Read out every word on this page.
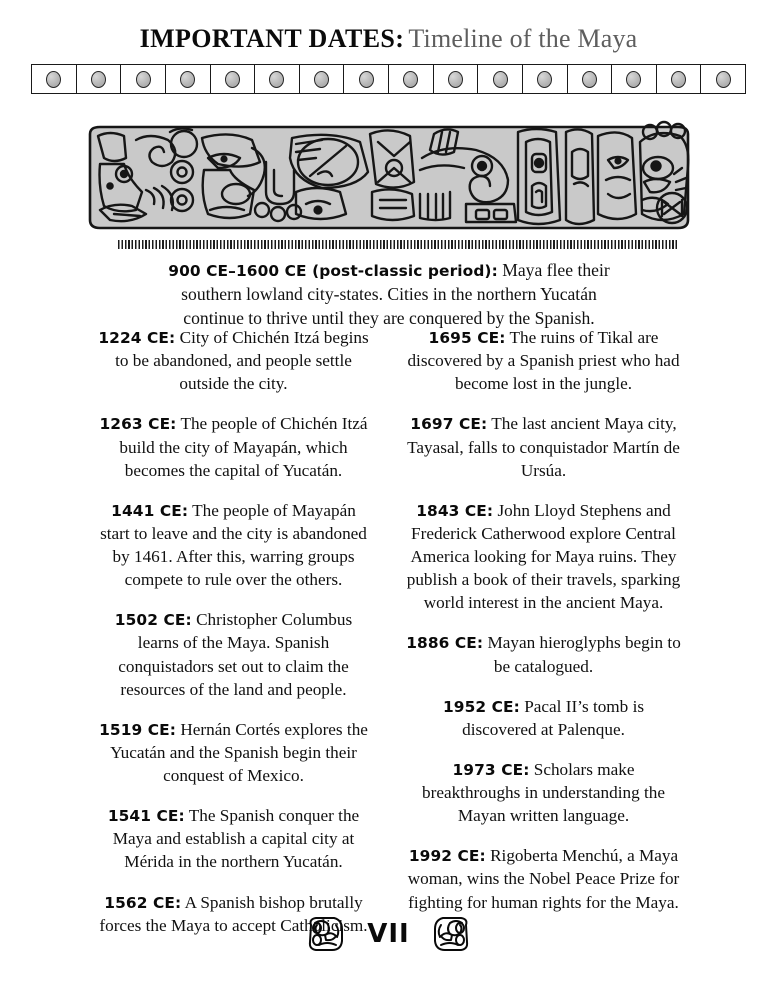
IMPORTANT DATES: Timeline of the Maya
900 CE–1600 CE (post-classic period): Maya flee their southern lowland city-states. Cities in the northern Yucatán continue to thrive until they are conquered by the Spanish.
1224 CE: City of Chichén Itzá begins to be abandoned, and people settle outside the city.
1263 CE: The people of Chichén Itzá build the city of Mayapán, which becomes the capital of Yucatán.
1441 CE: The people of Mayapán start to leave and the city is abandoned by 1461. After this, warring groups compete to rule over the others.
1502 CE: Christopher Columbus learns of the Maya. Spanish conquistadors set out to claim the resources of the land and people.
1519 CE: Hernán Cortés explores the Yucatán and the Spanish begin their conquest of Mexico.
1541 CE: The Spanish conquer the Maya and establish a capital city at Mérida in the northern Yucatán.
1562 CE: A Spanish bishop brutally forces the Maya to accept Catholicism.
1695 CE: The ruins of Tikal are discovered by a Spanish priest who had become lost in the jungle.
1697 CE: The last ancient Maya city, Tayasal, falls to conquistador Martín de Ursúa.
1843 CE: John Lloyd Stephens and Frederick Catherwood explore Central America looking for Maya ruins. They publish a book of their travels, sparking world interest in the ancient Maya.
1886 CE: Mayan hieroglyphs begin to be catalogued.
1952 CE: Pacal II’s tomb is discovered at Palenque.
1973 CE: Scholars make breakthroughs in understanding the Mayan written language.
1992 CE: Rigoberta Menchú, a Maya woman, wins the Nobel Peace Prize for fighting for human rights for the Maya.
VII
